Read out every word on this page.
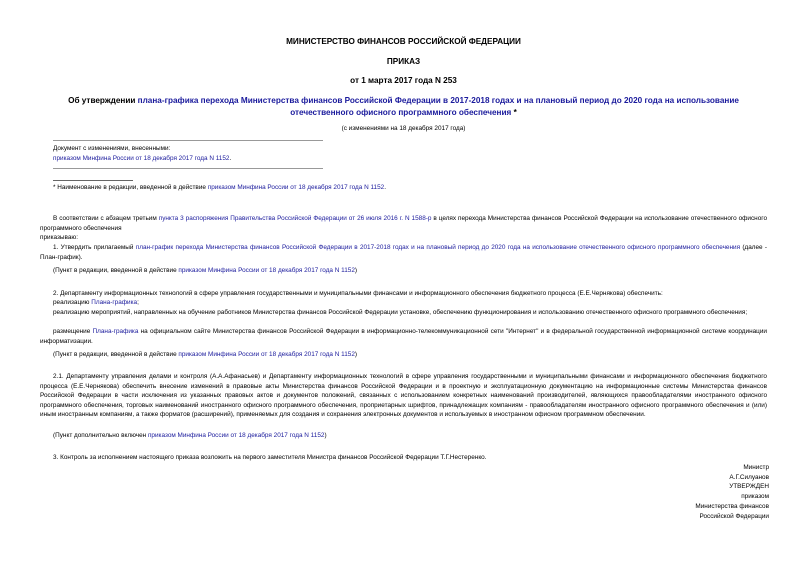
МИНИСТЕРСТВО ФИНАНСОВ РОССИЙСКОЙ ФЕДЕРАЦИИ
ПРИКАЗ
от 1 марта 2017 года N 253
Об утверждении плана-графика перехода Министерства финансов Российской Федерации в 2017-2018 годах и на плановый период до 2020 года на использование отечественного офисного программного обеспечения *
(с изменениями на 18 декабря 2017 года)
Документ с изменениями, внесенными:
приказом Минфина России от 18 декабря 2017 года N 1152.
* Наименование в редакции, введенной в действие приказом Минфина России от 18 декабря 2017 года N 1152.
В соответствии с абзацем третьим пункта 3 распоряжения Правительства Российской Федерации от 26 июля 2016 г. N 1588-р в целях перехода Министерства финансов Российской Федерации на использование отечественного офисного программного обеспечения
приказываю:
1. Утвердить прилагаемый план-график перехода Министерства финансов Российской Федерации в 2017-2018 годах и на плановый период до 2020 года на использование отечественного офисного программного обеспечения (далее - План-график).
(Пункт в редакции, введенной в действие приказом Минфина России от 18 декабря 2017 года N 1152)
2. Департаменту информационных технологий в сфере управления государственными и муниципальными финансами и информационного обеспечения бюджетного процесса (Е.Е.Чернякова) обеспечить:
реализацию Плана-графика;
реализацию мероприятий, направленных на обучение работников Министерства финансов Российской Федерации установке, обеспечению функционирования и использованию отечественного офисного программного обеспечения;
размещение Плана-графика на официальном сайте Министерства финансов Российской Федерации в информационно-телекоммуникационной сети "Интернет" и в федеральной государственной информационной системе координации информатизации.
(Пункт в редакции, введенной в действие приказом Минфина России от 18 декабря 2017 года N 1152)
2.1. Департаменту управления делами и контроля (А.А.Афанасьев) и Департаменту информационных технологий в сфере управления государственными и муниципальными финансами и информационного обеспечения бюджетного процесса (Е.Е.Чернякова) обеспечить внесение изменений в правовые акты Министерства финансов Российской Федерации и в проектную и эксплуатационную документацию на информационные системы Министерства финансов Российской Федерации в части исключения из указанных правовых актов и документов положений, связанных с использованием конкретных наименований производителей, являющихся правообладателями иностранного офисного программного обеспечения, торговых наименований иностранного офисного программного обеспечения, проприетарных шрифтов, принадлежащих компаниям - правообладателям иностранного офисного программного обеспечения и (или) иным иностранным компаниям, а также форматов (расширений), применяемых для создания и сохранения электронных документов и используемых в иностранном офисном программном обеспечении.
(Пункт дополнительно включен приказом Минфина России от 18 декабря 2017 года N 1152)
3. Контроль за исполнением настоящего приказа возложить на первого заместителя Министра финансов Российской Федерации Т.Г.Нестеренко.
Министр
А.Г.Силуанов
УТВЕРЖДЕН
приказом
Министерства финансов
Российской Федерации
